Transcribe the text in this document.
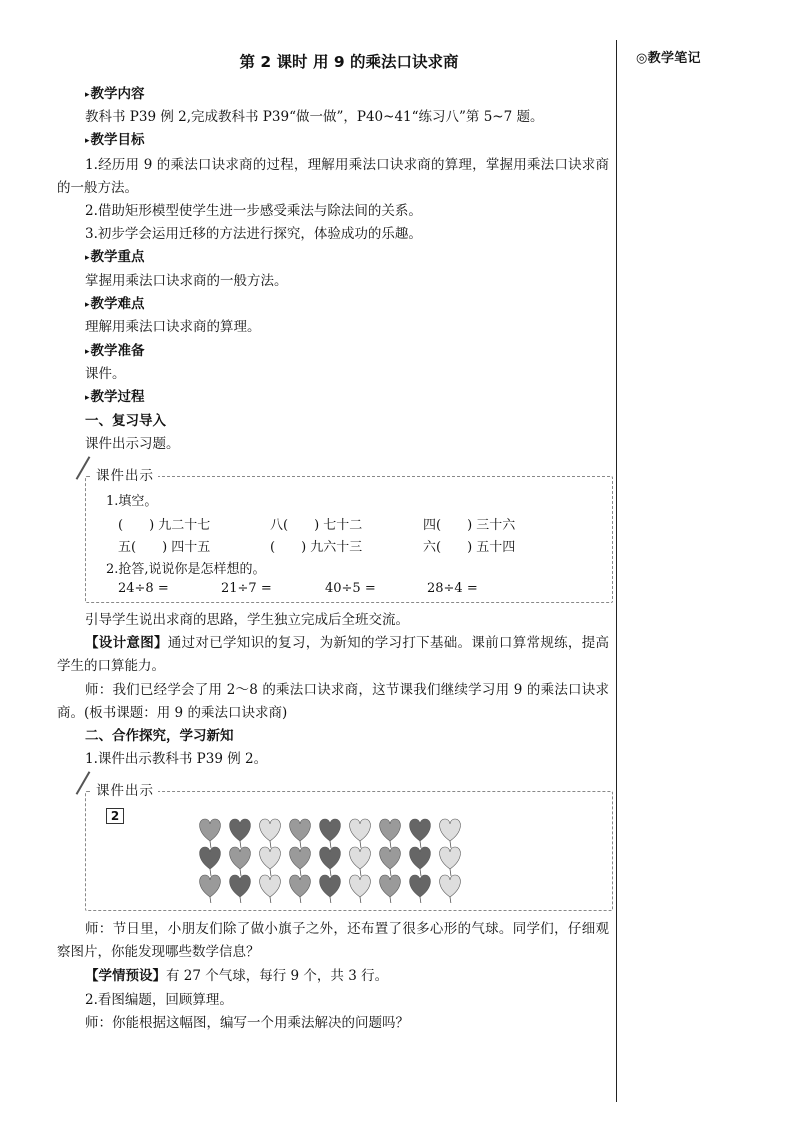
◎教学笔记
第 2 课时 用 9 的乘法口诀求商
▸ 教学内容
教科书 P39 例 2,完成教科书 P39“做一做”，P40~41“练习八”第 5~7 题。
▸ 教学目标
1.经历用 9 的乘法口诀求商的过程，理解用乘法口诀求商的算理，掌握用乘法口诀求商的一般方法。
2.借助矩形模型使学生进一步感受乘法与除法间的关系。
3.初步学会运用迁移的方法进行探究，体验成功的乐趣。
▸ 教学重点
掌握用乘法口诀求商的一般方法。
▸ 教学难点
理解用乘法口诀求商的算理。
▸ 教学准备
课件。
▸ 教学过程
一、复习导入
课件出示习题。
课件出示
1.填空。
(　　) 九二十七	八(　　) 七十二	四(　　) 三十六
五(　　) 四十五	(　　) 九六十三	六(　　) 五十四
2.抢答,说说你是怎样想的。
24÷8 =	21÷7 =	40÷5 =	28÷4 =
引导学生说出求商的思路，学生独立完成后全班交流。
【设计意图】通过对已学知识的复习，为新知的学习打下基础。课前口算常规练，提高学生的口算能力。
师：我们已经学会了用 2～8 的乘法口诀求商，这节课我们继续学习用 9 的乘法口诀求商。(板书课题：用 9 的乘法口诀求商)
二、合作探究，学习新知
1.课件出示教科书 P39 例 2。
课件出示
2
师：节日里，小朋友们除了做小旗子之外，还布置了很多心形的气球。同学们，仔细观察图片，你能发现哪些数学信息？
【学情预设】有 27 个气球，每行 9 个，共 3 行。
2.看图编题，回顾算理。
师：你能根据这幅图，编写一个用乘法解决的问题吗？
